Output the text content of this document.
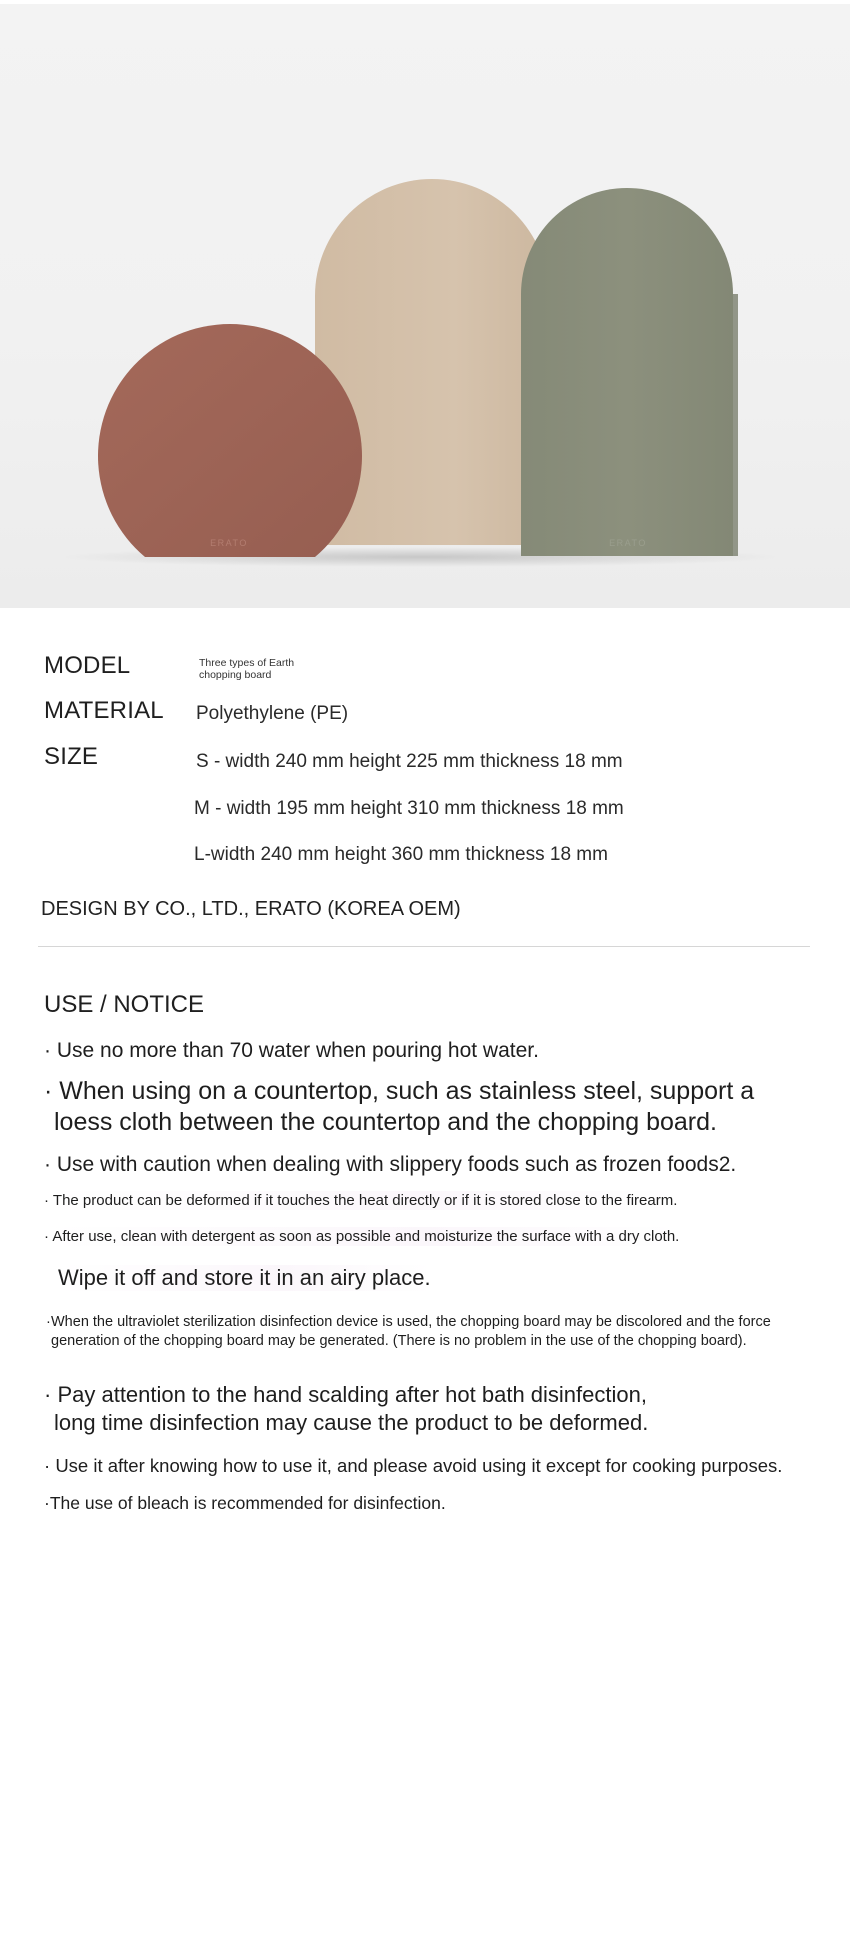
ERATO
ERATO
MODEL	Three types of Earth chopping board
MATERIAL Polyethylene (PE)
SIZE	S - width 240 mm height 225 mm thickness 18 mm
M - width 195 mm height 310 mm thickness 18 mm
L-width 240 mm height 360 mm thickness 18 mm
DESIGN BY CO., LTD., ERATO (KOREA OEM)
USE / NOTICE
· Use no more than 70 water when pouring hot water.
· When using on a countertop, such as stainless steel, support a
loess cloth between the countertop and the chopping board.
· Use with caution when dealing with slippery foods such as frozen foods2.
· The product can be deformed if it touches the heat directly or if it is stored close to the firearm.
· After use, clean with detergent as soon as possible and moisturize the surface with a dry cloth.
Wipe it off and store it in an airy place.
· When the ultraviolet sterilization disinfection device is used, the chopping board may be discolored and the force
generation of the chopping board may be generated. (There is no problem in the use of the chopping board).
· Pay attention to the hand scalding after hot bath disinfection,
long time disinfection may cause the product to be deformed.
· Use it after knowing how to use it, and please avoid using it except for cooking purposes.
·The use of bleach is recommended for disinfection.
